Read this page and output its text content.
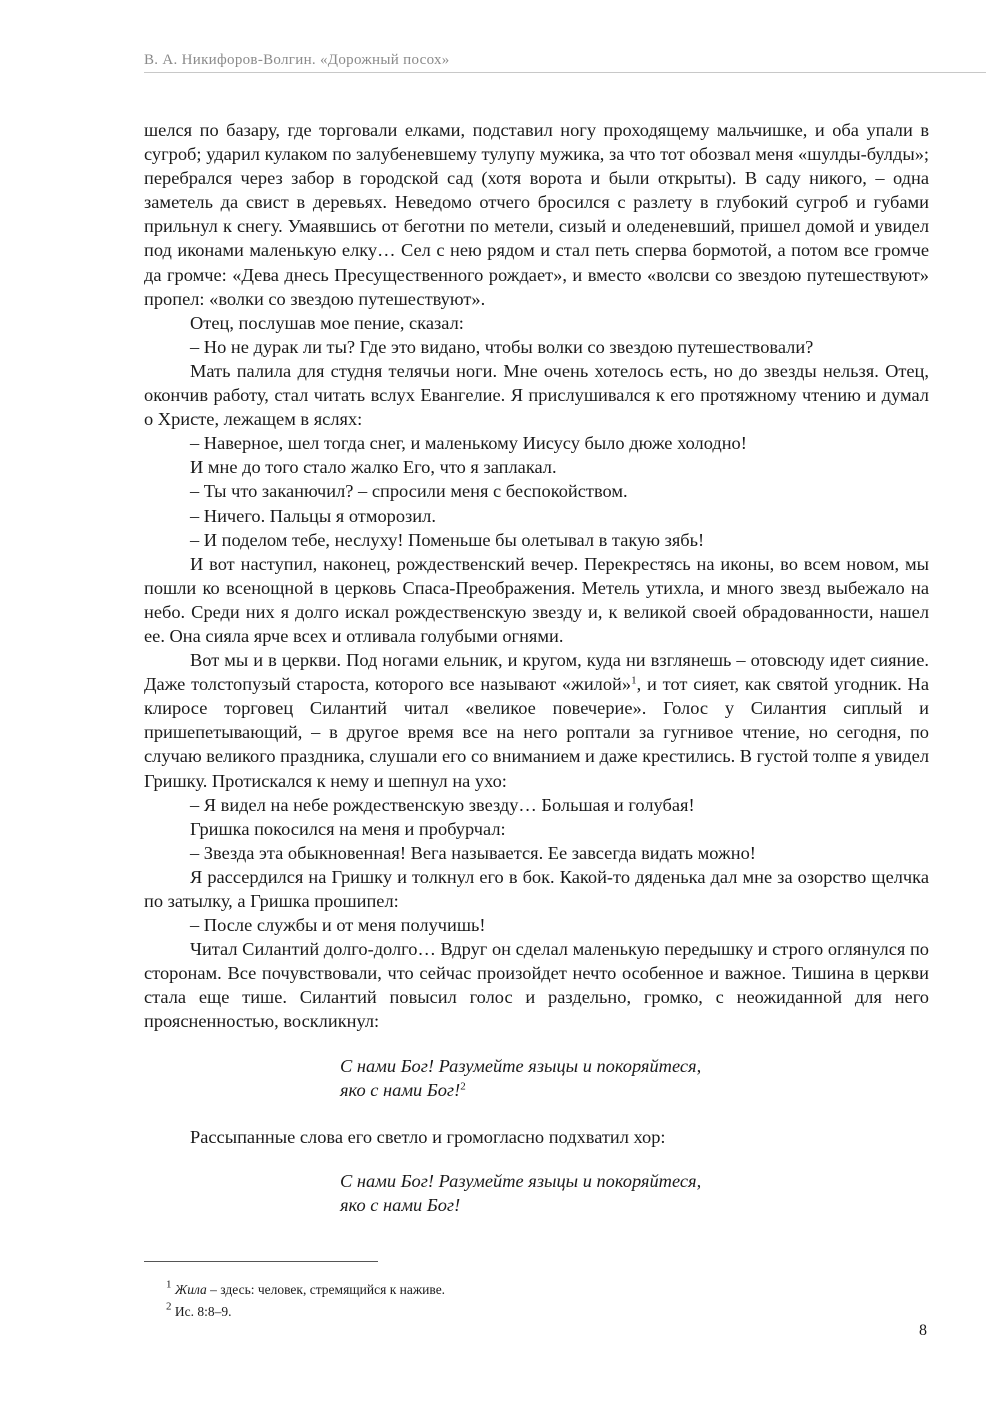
В. А. Никифоров-Волгин. «Дорожный посох»

шелся по базару, где торговали елками, подставил ногу проходящему мальчишке, и оба упали в сугроб; ударил кулаком по залубеневшему тулупу мужика, за что тот обозвал меня «шулды-булды»; перебрался через забор в городской сад (хотя ворота и были открыты). В саду никого, – одна заметель да свист в деревьях. Неведомо отчего бросился с разлету в глубокий сугроб и губами прильнул к снегу. Умаявшись от беготни по метели, сизый и оледеневший, пришел домой и увидел под иконами маленькую елку… Сел с нею рядом и стал петь сперва бормотой, а потом все громче да громче: «Дева днесь Пресущественного рождает», и вместо «волсви со звездою путешествуют» пропел: «волки со звездою путешествуют».

Отец, послушав мое пение, сказал:

– Но не дурак ли ты? Где это видано, чтобы волки со звездою путешествовали?

Мать палила для студня телячьи ноги. Мне очень хотелось есть, но до звезды нельзя. Отец, окончив работу, стал читать вслух Евангелие. Я прислушивался к его протяжному чтению и думал о Христе, лежащем в яслях:

– Наверное, шел тогда снег, и маленькому Иисусу было дюже холодно!

И мне до того стало жалко Его, что я заплакал.

– Ты что заканючил? – спросили меня с беспокойством.

– Ничего. Пальцы я отморозил.

– И поделом тебе, неслуху! Поменьше бы олетывал в такую зябь!

И вот наступил, наконец, рождественский вечер. Перекрестясь на иконы, во всем новом, мы пошли ко всенощной в церковь Спаса-Преображения. Метель утихла, и много звезд выбежало на небо. Среди них я долго искал рождественскую звезду и, к великой своей обрадованности, нашел ее. Она сияла ярче всех и отливала голубыми огнями.

Вот мы и в церкви. Под ногами ельник, и кругом, куда ни взглянешь – отовсюду идет сияние. Даже толстопузый староста, которого все называют «жилой»$^1$, и тот сияет, как святой угодник. На клиросе торговец Силантий читал «великое повечерие». Голос у Силантия сиплый и пришепетывающий, – в другое время все на него роптали за гугнивое чтение, но сегодня, по случаю великого праздника, слушали его со вниманием и даже крестились. В густой толпе я увидел Гришку. Протискался к нему и шепнул на ухо:

– Я видел на небе рождественскую звезду… Большая и голубая!

Гришка покосился на меня и пробурчал:

– Звезда эта обыкновенная! Вега называется. Ее завсегда видать можно!

Я рассердился на Гришку и толкнул его в бок. Какой-то дяденька дал мне за озорство щелчка по затылку, а Гришка прошипел:

– После службы и от меня получишь!

Читал Силантий долго-долго… Вдруг он сделал маленькую передышку и строго оглянулся по сторонам. Все почувствовали, что сейчас произойдет нечто особенное и важное. Тишина в церкви стала еще тише. Силантий повысил голос и раздельно, громко, с неожиданной для него проясненностью, воскликнул:

С нами Бог! Разумейте языцы и покоряйтеся,
яко с нами Бог!$^2$

Рассыпанные слова его светло и громогласно подхватил хор:

С нами Бог! Разумейте языцы и покоряйтеся,
яко с нами Бог!
$^1$ Жила – здесь: человек, стремящийся к наживе.
$^2$ Ис. 8:8–9.
8
